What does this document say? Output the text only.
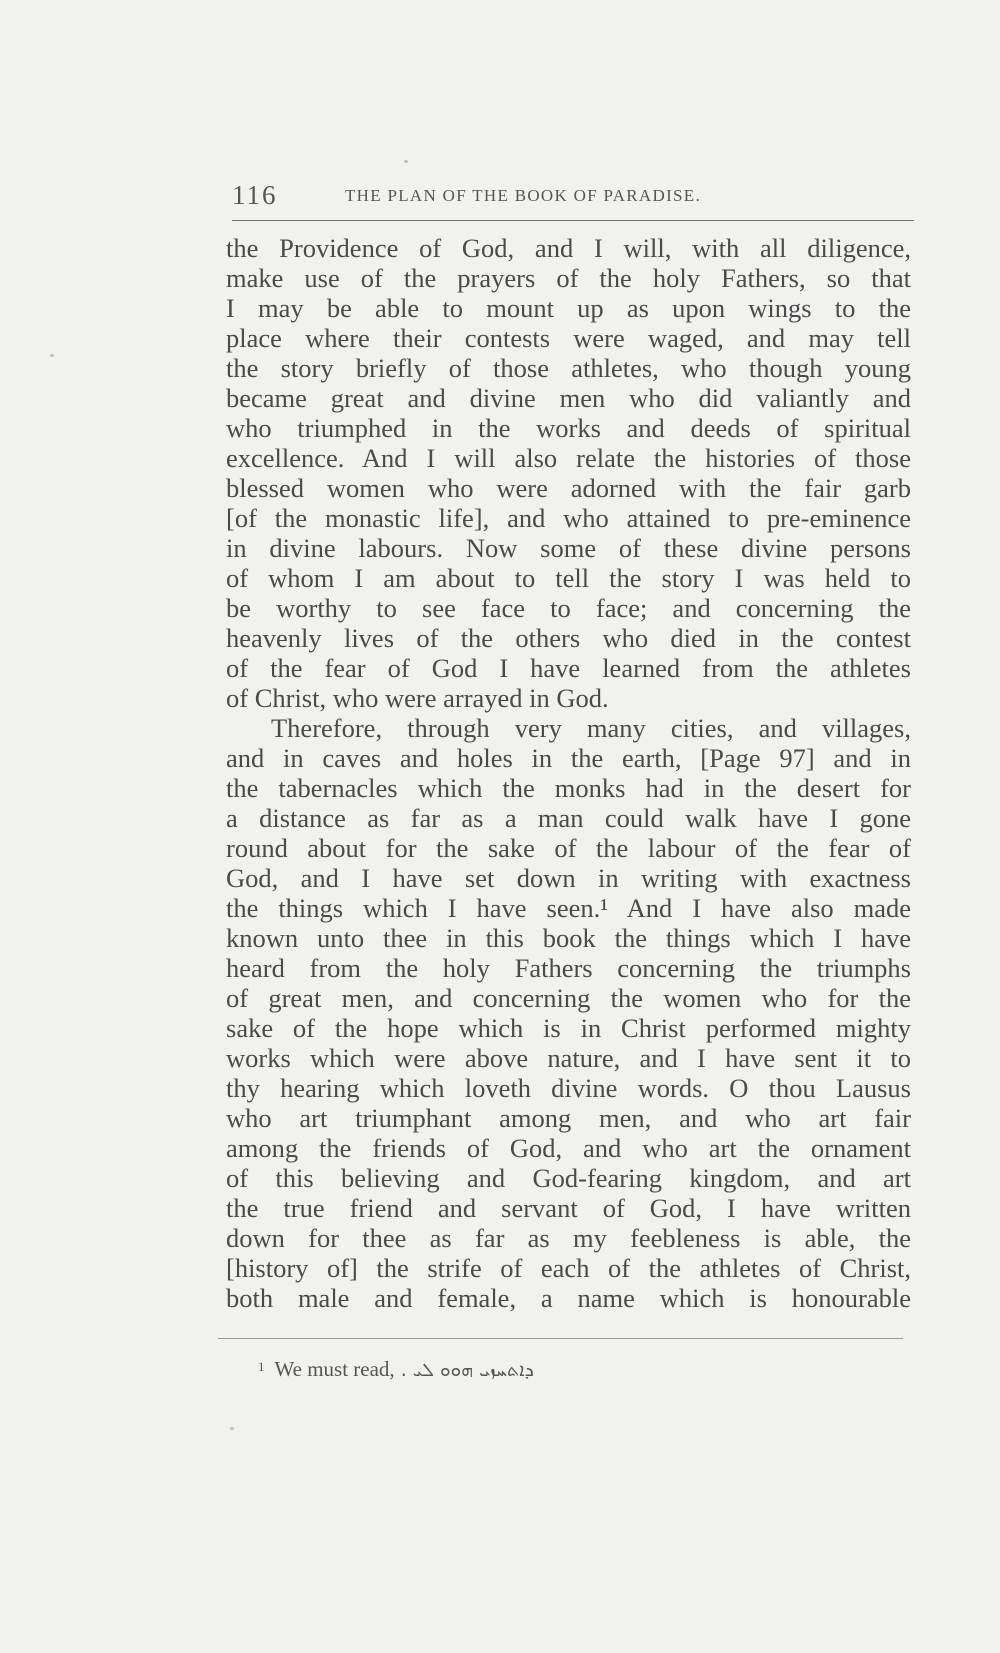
116	THE PLAN OF THE BOOK OF PARADISE.
the Providence of God, and I will, with all diligence,
make use of the prayers of the holy Fathers, so that
I may be able to mount up as upon wings to the
place where their contests were waged, and may tell
the story briefly of those athletes, who though young
became great and divine men who did valiantly and
who triumphed in the works and deeds of spiritual
excellence. And I will also relate the histories of those
blessed women who were adorned with the fair garb
[of the monastic life], and who attained to pre-eminence
in divine labours. Now some of these divine persons
of whom I am about to tell the story I was held to
be worthy to see face to face; and concerning the
heavenly lives of the others who died in the contest
of the fear of God I have learned from the athletes
of Christ, who were arrayed in God.
Therefore, through very many cities, and villages,
and in caves and holes in the earth, [Page 97] and in
the tabernacles which the monks had in the desert for
a distance as far as a man could walk have I gone
round about for the sake of the labour of the fear of
God, and I have set down in writing with exactness
the things which I have seen.¹ And I have also made
known unto thee in this book the things which I have
heard from the holy Fathers concerning the triumphs
of great men, and concerning the women who for the
sake of the hope which is in Christ performed mighty
works which were above nature, and I have sent it to
thy hearing which loveth divine words. O thou Lausus
who art triumphant among men, and who art fair
among the friends of God, and who art the ornament
of this believing and God-fearing kingdom, and art
the true friend and servant of God, I have written
down for thee as far as my feebleness is able, the
[history of] the strife of each of the athletes of Christ,
both male and female, a name which is honourable
$^1$ We must read, ܕܐܬܚܙܝ ܗܘܘ ܠܝ .
